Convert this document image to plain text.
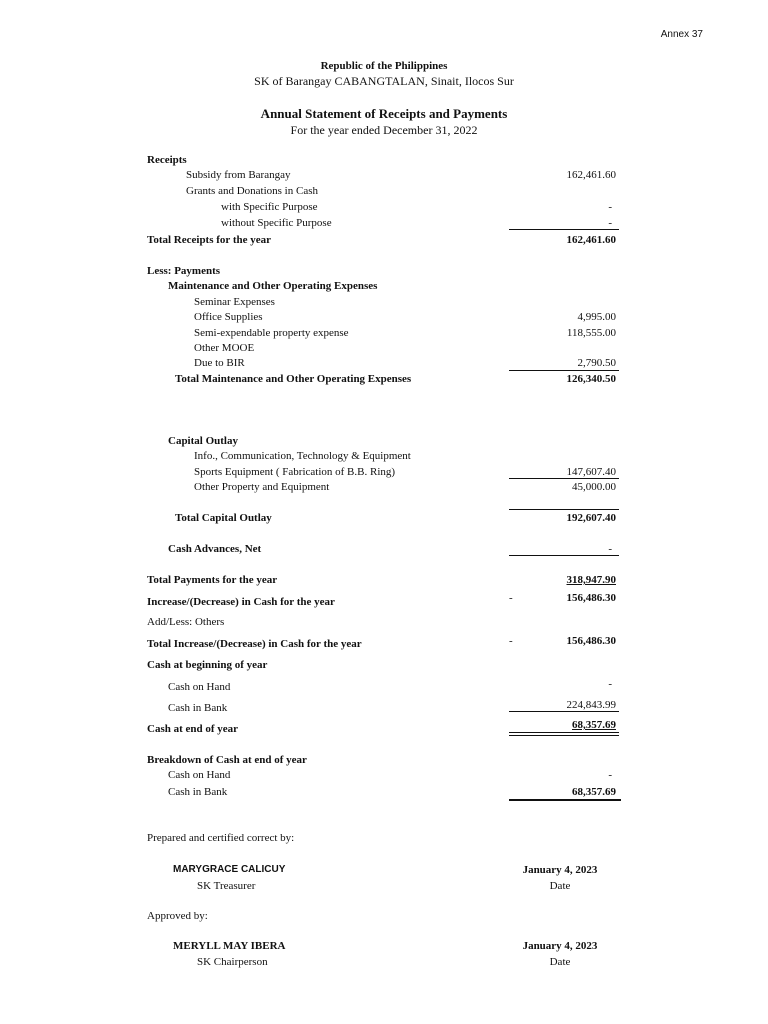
Annex 37
Republic of the Philippines
SK of Barangay CABANGTALAN, Sinait, Ilocos Sur
Annual Statement of Receipts and Payments
For the year ended December 31, 2022
Receipts
Subsidy from Barangay	162,461.60
Grants and Donations in Cash
with Specific Purpose	-
without Specific Purpose	-
Total Receipts for the year	162,461.60
Less: Payments
Maintenance and Other Operating Expenses
Seminar Expenses
Office Supplies	4,995.00
Semi-expendable property expense	118,555.00
Other MOOE
Due to BIR	2,790.50
Total Maintenance and Other Operating Expenses	126,340.50
Capital Outlay
Info., Communication, Technology & Equipment
Sports Equipment ( Fabrication of B.B. Ring)	147,607.40
Other Property and Equipment	45,000.00
Total Capital Outlay	192,607.40
Cash Advances, Net	-
Total Payments for the year	318,947.90
Increase/(Decrease) in Cash for the year	-	156,486.30
Add/Less: Others
Total Increase/(Decrease) in Cash for the year	-	156,486.30
Cash at beginning of year
Cash on Hand	-
Cash in Bank	224,843.99
Cash at end of year	68,357.69
Breakdown of Cash at end of year
Cash on Hand	-
Cash in Bank	68,357.69
Prepared and certified correct by:
MARYGRACE CALICUY
SK Treasurer
January 4, 2023
Date
Approved by:
MERYLL MAY IBERA
SK Chairperson
January 4, 2023
Date
